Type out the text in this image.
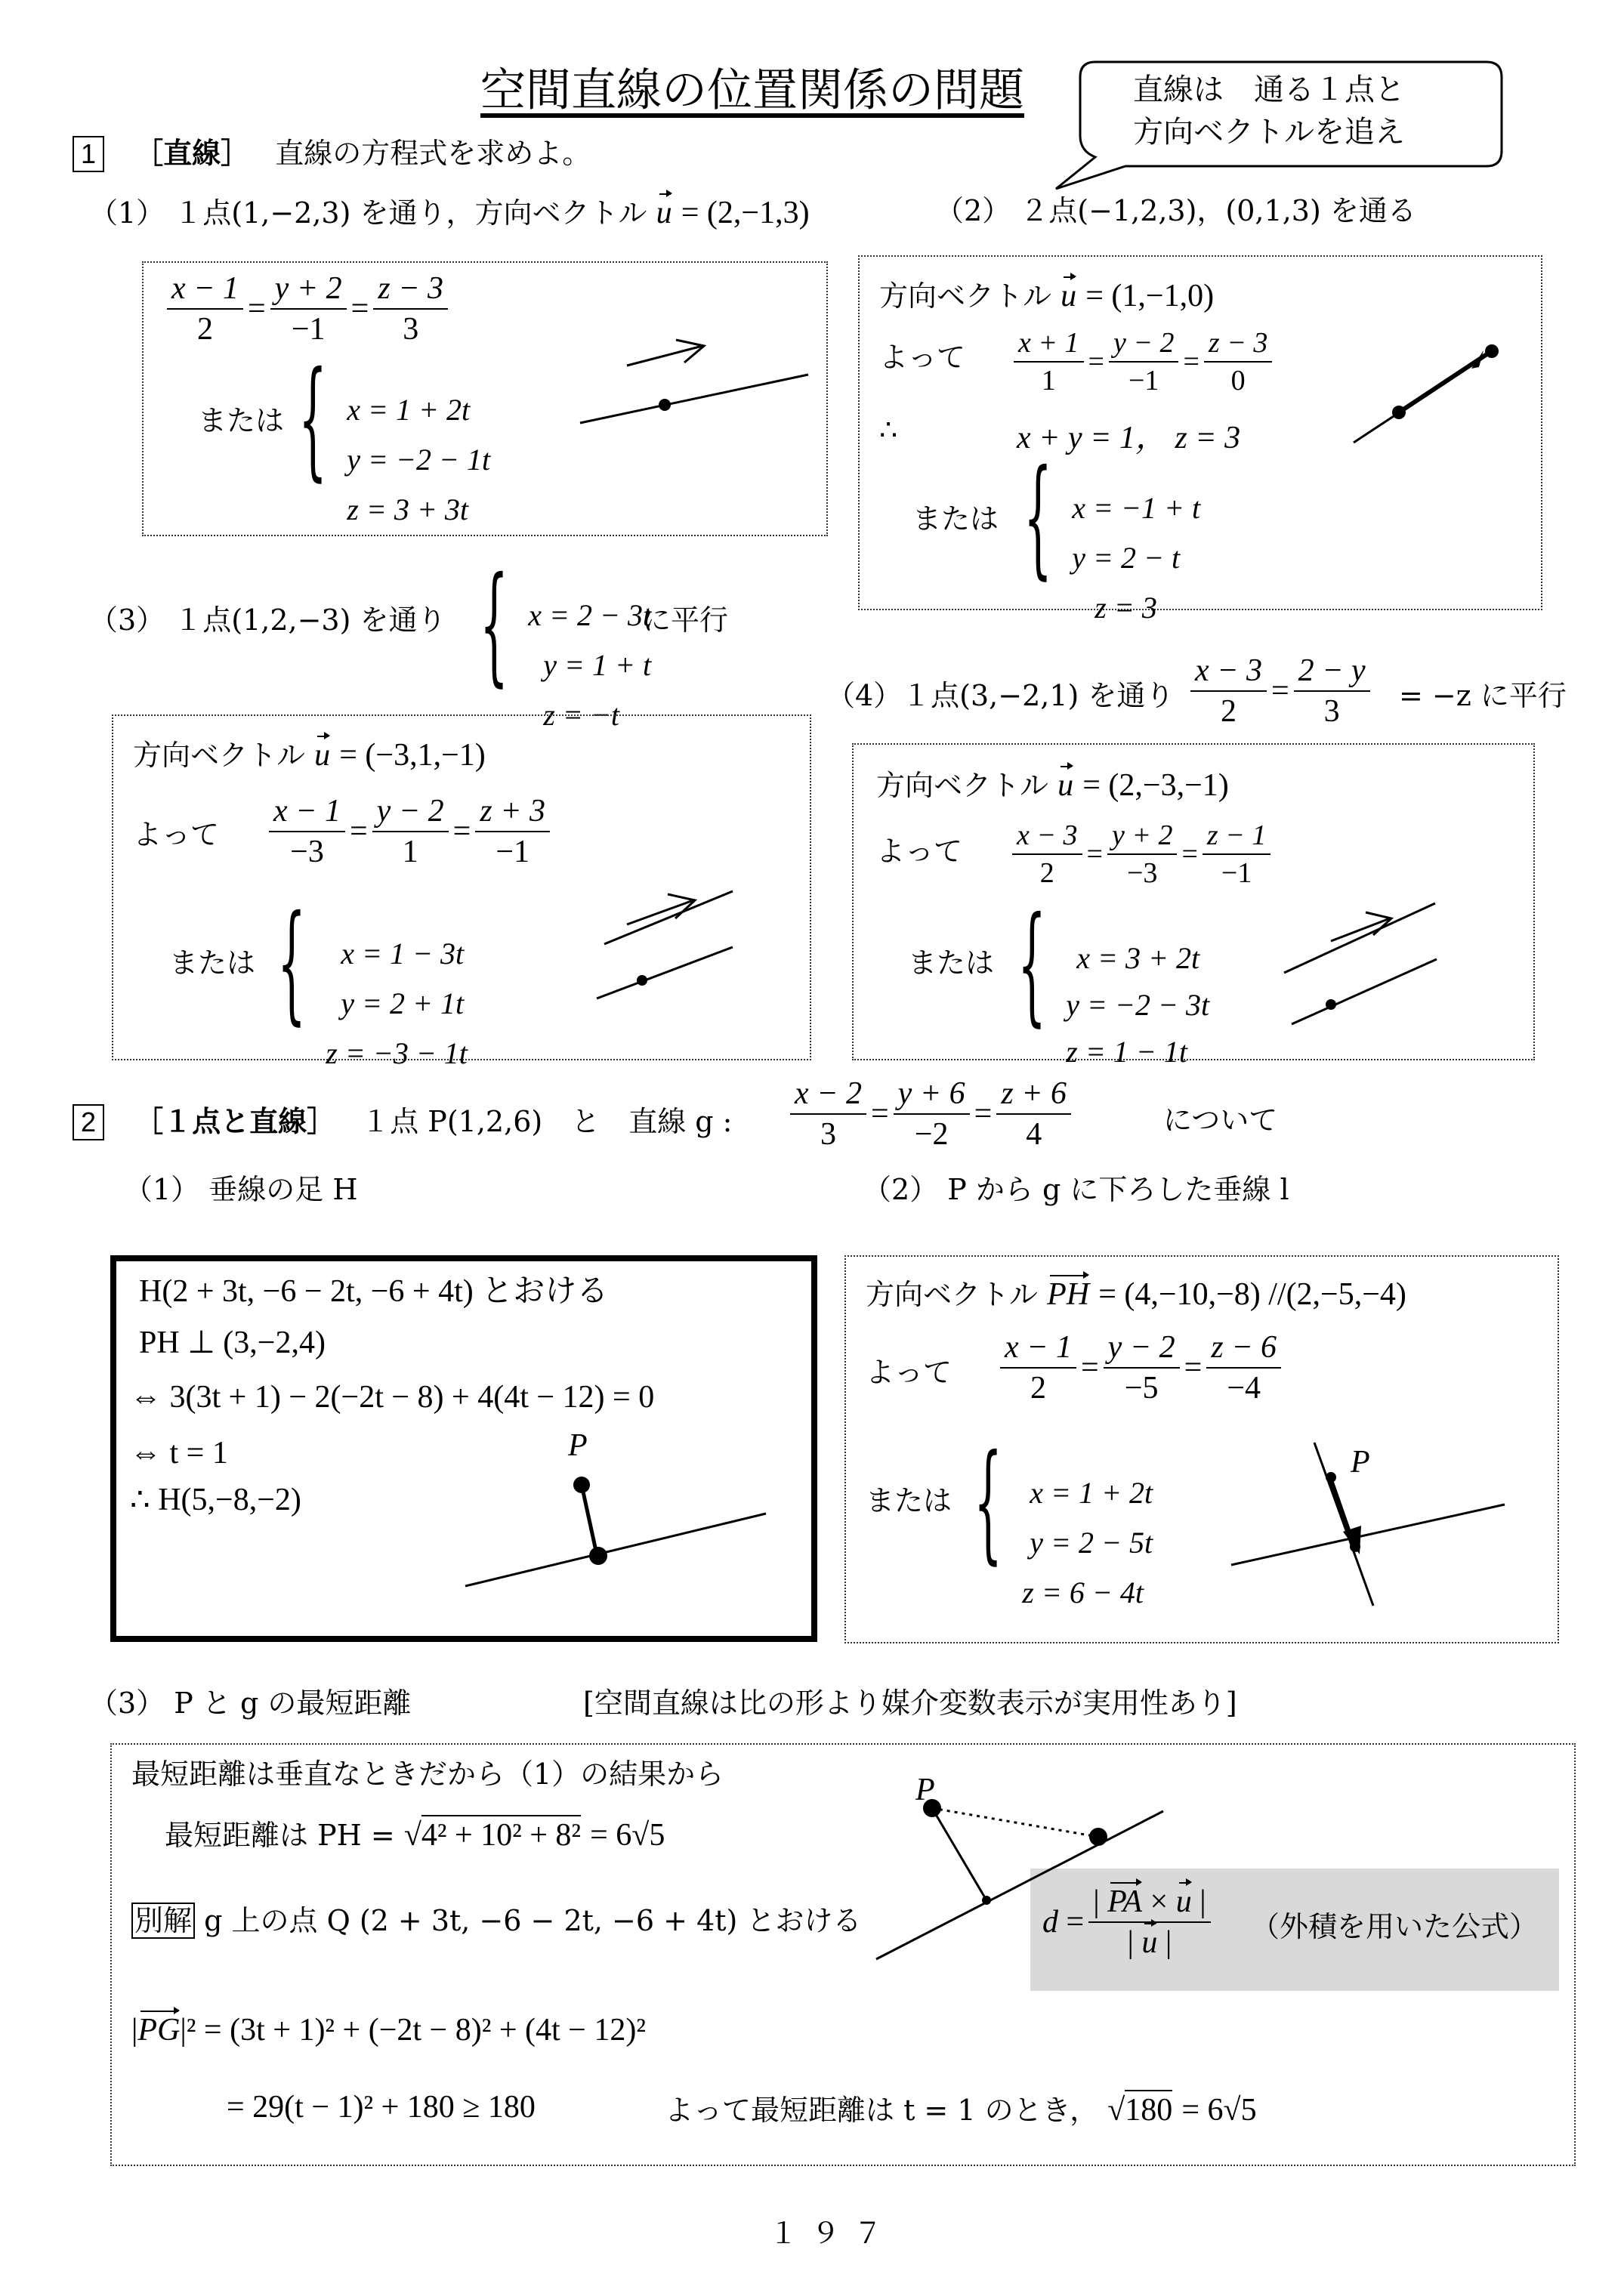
空間直線の位置関係の問題	直線は　通る１点と
方向ベクトルを追え
1 ［直線］ 直線の方程式を求めよ。
（1） １点(1,−2,3) を通り，方向ベクトル u = (2,−1,3)	（2） ２点(−1,2,3)，(0,1,3) を通る
x − 1
2
=
y + 2
−1
=
z − 3
3
または { x = 1 + 2t
y = −2 − 1t
z = 3 + 3t
方向ベクトル u = (1,−1,0)
よって x + 1
1
=
y − 2
−1
=
z − 3
0
∴	x + y = 1， z = 3
または { x = −1 + t
y = 2 − t
z = 3
（3） １点(1,2,−3) を通り { x = 2 − 3t
y = 1 + t
z = −t
に平行
（4）１点(3,−2,1) を通り
x − 3
2
=
2 − y
3	= −z に平行
方向ベクトル u = (−3,1,−1)
よって
x − 1
−3
=
y − 2
1
=
z + 3
−1
または {	x = 1 − 3t
y = 2 + 1t
z = −3 − 1t
方向ベクトル u = (2,−3,−1)
よって x − 3
2
=
y + 2
−3
=
z − 1
−1
または {	x = 3 + 2t
y = −2 − 3t
z = 1 − 1t
2 ［１点と直線］ １点 P(1,2,6)　と　直線 g :
x − 2
3
=
y + 6
−2
=
z + 6
4	について
（1） 垂線の足 H	（2） P から g に下ろした垂線 l
H(2 + 3t, −6 − 2t, −6 + 4t) とおける
PH ⊥ (3,−2,4)
⇔ 3(3t + 1) − 2(−2t − 8) + 4(4t − 12) = 0
⇔ t = 1
∴ H(5,−8,−2)
P
方向ベクトル PH = (4,−10,−8) //(2,−5,−4)
よって
x − 1
2
=
y − 2
−5
=
z − 6
−4
または { x = 1 + 2t
y = 2 − 5t
z = 6 − 4t
P
（3） P と g の最短距離	[空間直線は比の形より媒介変数表示が実用性あり]
最短距離は垂直なときだから（1）の結果から
最短距離は PH = √4² + 10² + 8² = 6√5
別解 g 上の点 Q (2 + 3t, −6 − 2t, −6 + 4t) とおける	d =
| PA × u |
| u |	（外積を用いた公式）
P
|PG|² = (3t + 1)² + (−2t − 8)² + (4t − 12)²
= 29(t − 1)² + 180 ≥ 180	よって最短距離は t = 1 のとき， √180 = 6√5
１９７
